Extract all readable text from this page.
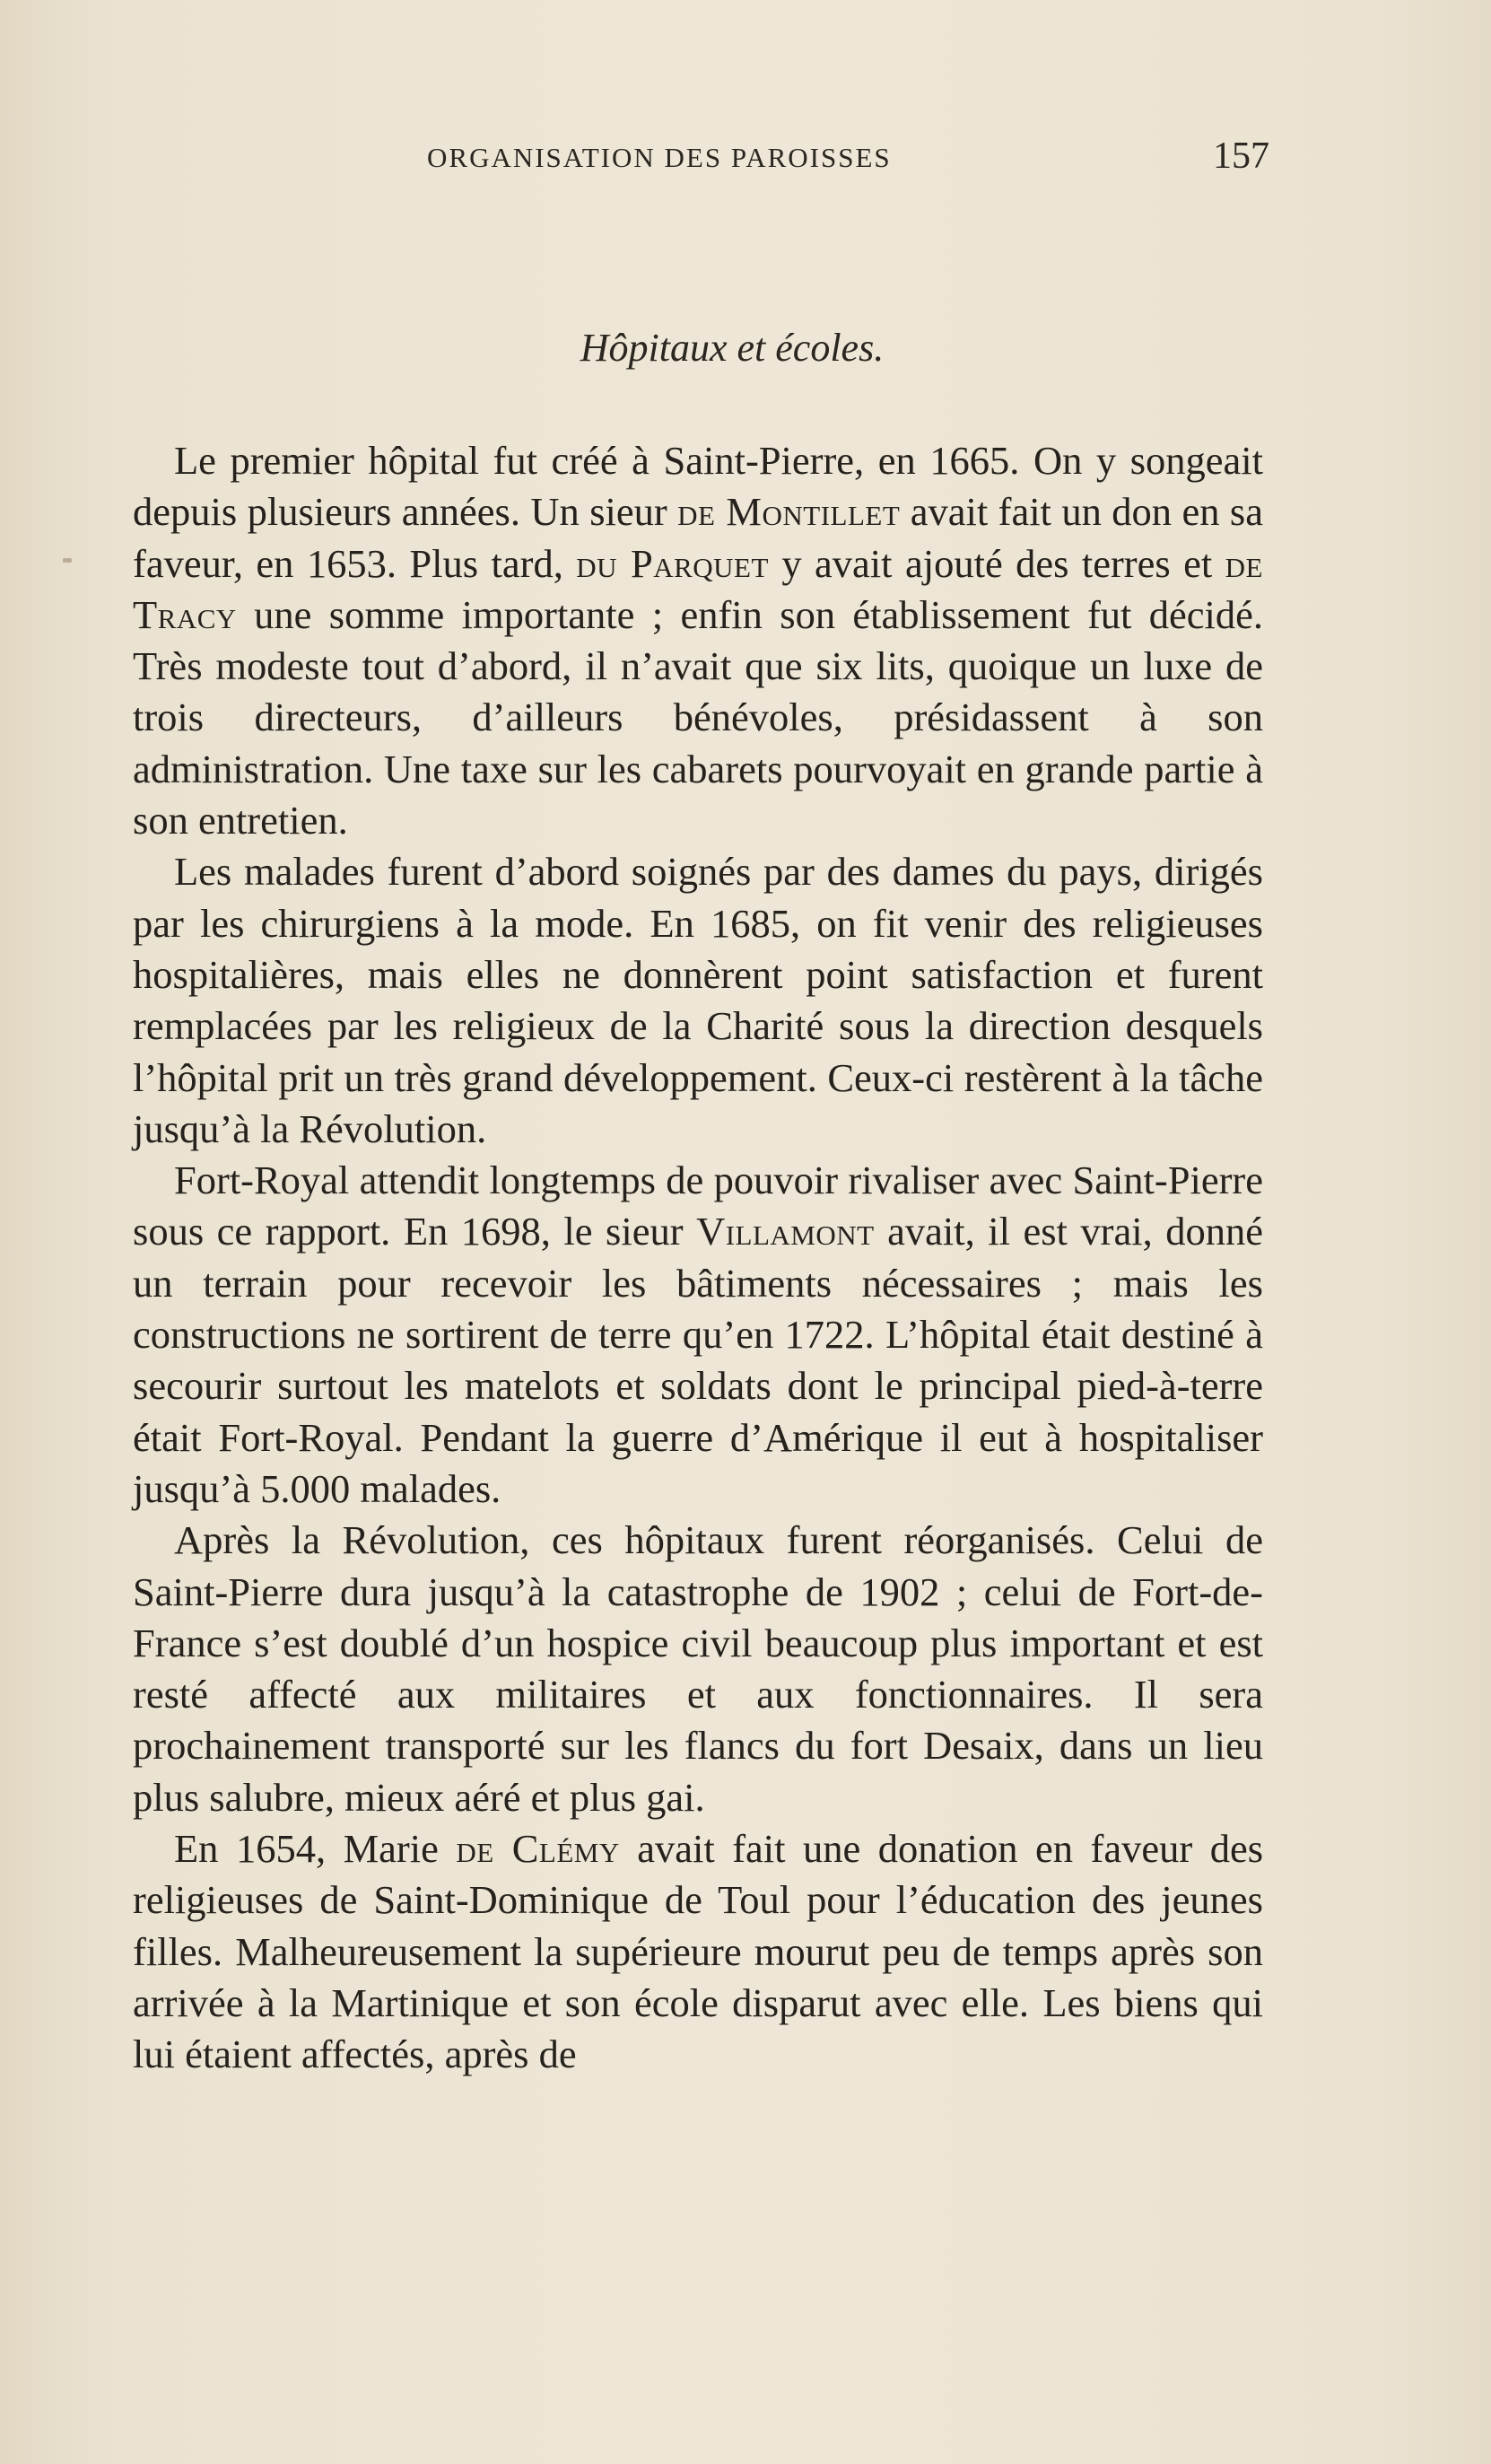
ORGANISATION DES PAROISSES	157
Hôpitaux et écoles.

Le premier hôpital fut créé à Saint-Pierre, en 1665. On y songeait depuis plusieurs années. Un sieur de Montillet avait fait un don en sa faveur, en 1653. Plus tard, du Parquet y avait ajouté des terres et de Tracy une somme importante ; enfin son établissement fut décidé. Très modeste tout d’abord, il n’avait que six lits, quoique un luxe de trois directeurs, d’ailleurs bénévoles, présidassent à son administration. Une taxe sur les cabarets pourvoyait en grande partie à son entretien.

Les malades furent d’abord soignés par des dames du pays, dirigés par les chirurgiens à la mode. En 1685, on fit venir des religieuses hospitalières, mais elles ne donnèrent point satisfaction et furent remplacées par les religieux de la Charité sous la direction desquels l’hôpital prit un très grand développement. Ceux-ci restèrent à la tâche jusqu’à la Révolution.

Fort-Royal attendit longtemps de pouvoir rivaliser avec Saint-Pierre sous ce rapport. En 1698, le sieur Villamont avait, il est vrai, donné un terrain pour recevoir les bâtiments nécessaires ; mais les constructions ne sortirent de terre qu’en 1722. L’hôpital était destiné à secourir surtout les matelots et soldats dont le principal pied-à-terre était Fort-Royal. Pendant la guerre d’Amérique il eut à hospitaliser jusqu’à 5.000 malades.

Après la Révolution, ces hôpitaux furent réorganisés. Celui de Saint-Pierre dura jusqu’à la catastrophe de 1902 ; celui de Fort-de-France s’est doublé d’un hospice civil beaucoup plus important et est resté affecté aux militaires et aux fonctionnaires. Il sera prochainement transporté sur les flancs du fort Desaix, dans un lieu plus salubre, mieux aéré et plus gai.

En 1654, Marie de Clémy avait fait une donation en faveur des religieuses de Saint-Dominique de Toul pour l’éducation des jeunes filles. Malheureusement la supérieure mourut peu de temps après son arrivée à la Martinique et son école disparut avec elle. Les biens qui lui étaient affectés, après de
